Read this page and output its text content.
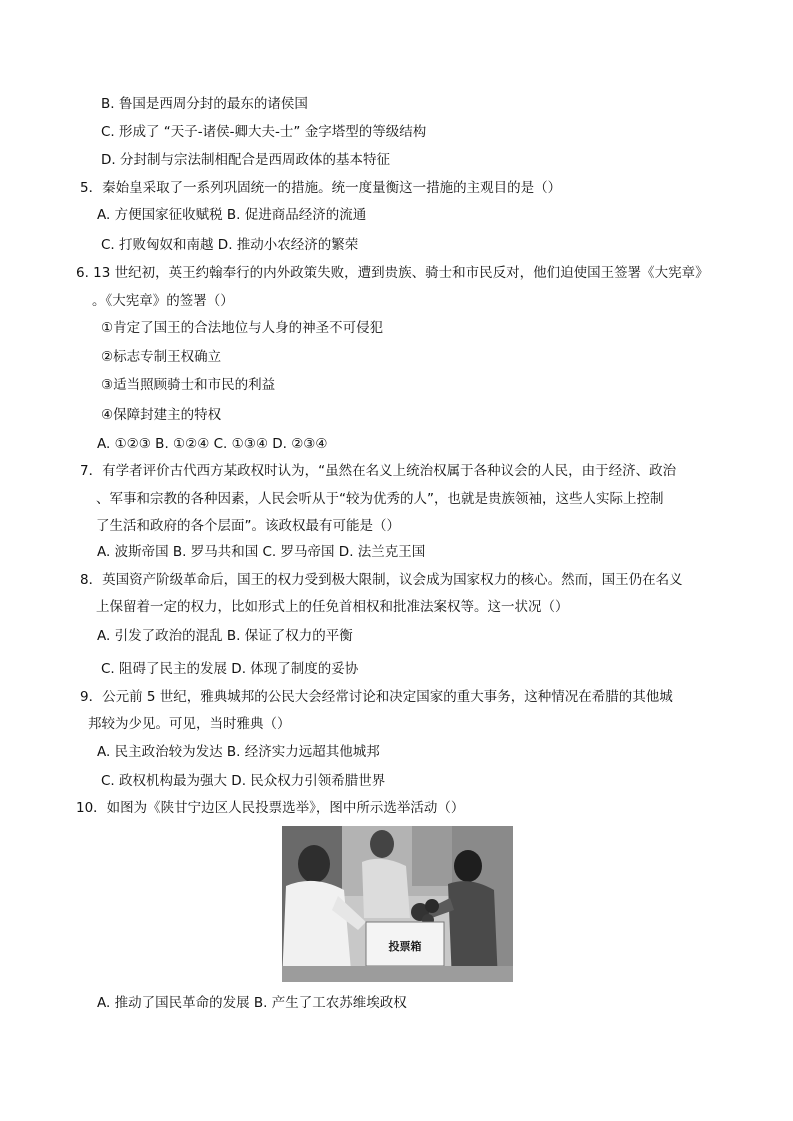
B. 鲁国是西周分封的最东的诸侯国
C. 形成了 “天子-诸侯-卿大夫-士” 金字塔型的等级结构
D. 分封制与宗法制相配合是西周政体的基本特征
5．秦始皇采取了一系列巩固统一的措施。统一度量衡这一措施的主观目的是（）
A. 方便国家征收赋税 B. 促进商品经济的流通
C. 打败匈奴和南越 D. 推动小农经济的繁荣
6. 13 世纪初，英王约翰奉行的内外政策失败，遭到贵族、骑士和市民反对，他们迫使国王签署《大宪章》
。《大宪章》的签署（）
①肯定了国王的合法地位与人身的神圣不可侵犯
②标志专制王权确立
③适当照顾骑士和市民的利益
④保障封建主的特权
A. ①②③ B. ①②④ C. ①③④ D. ②③④
7．有学者评价古代西方某政权时认为，“虽然在名义上统治权属于各种议会的人民，由于经济、政治
、军事和宗教的各种因素，人民会听从于“较为优秀的人”，也就是贵族领袖，这些人实际上控制
了生活和政府的各个层面”。该政权最有可能是（）
A. 波斯帝国 B. 罗马共和国 C. 罗马帝国 D. 法兰克王国
8．英国资产阶级革命后，国王的权力受到极大限制，议会成为国家权力的核心。然而，国王仍在名义
上保留着一定的权力，比如形式上的任免首相权和批准法案权等。这一状况（）
A. 引发了政治的混乱 B. 保证了权力的平衡
C. 阻碍了民主的发展 D. 体现了制度的妥协
9．公元前 5 世纪，雅典城邦的公民大会经常讨论和决定国家的重大事务，这种情况在希腊的其他城
邦较为少见。可见，当时雅典（）
A. 民主政治较为发达 B. 经济实力远超其他城邦
C. 政权机构最为强大 D. 民众权力引领希腊世界
10．如图为《陕甘宁边区人民投票选举》，图中所示选举活动（）
投票箱
A. 推动了国民革命的发展 B. 产生了工农苏维埃政权
